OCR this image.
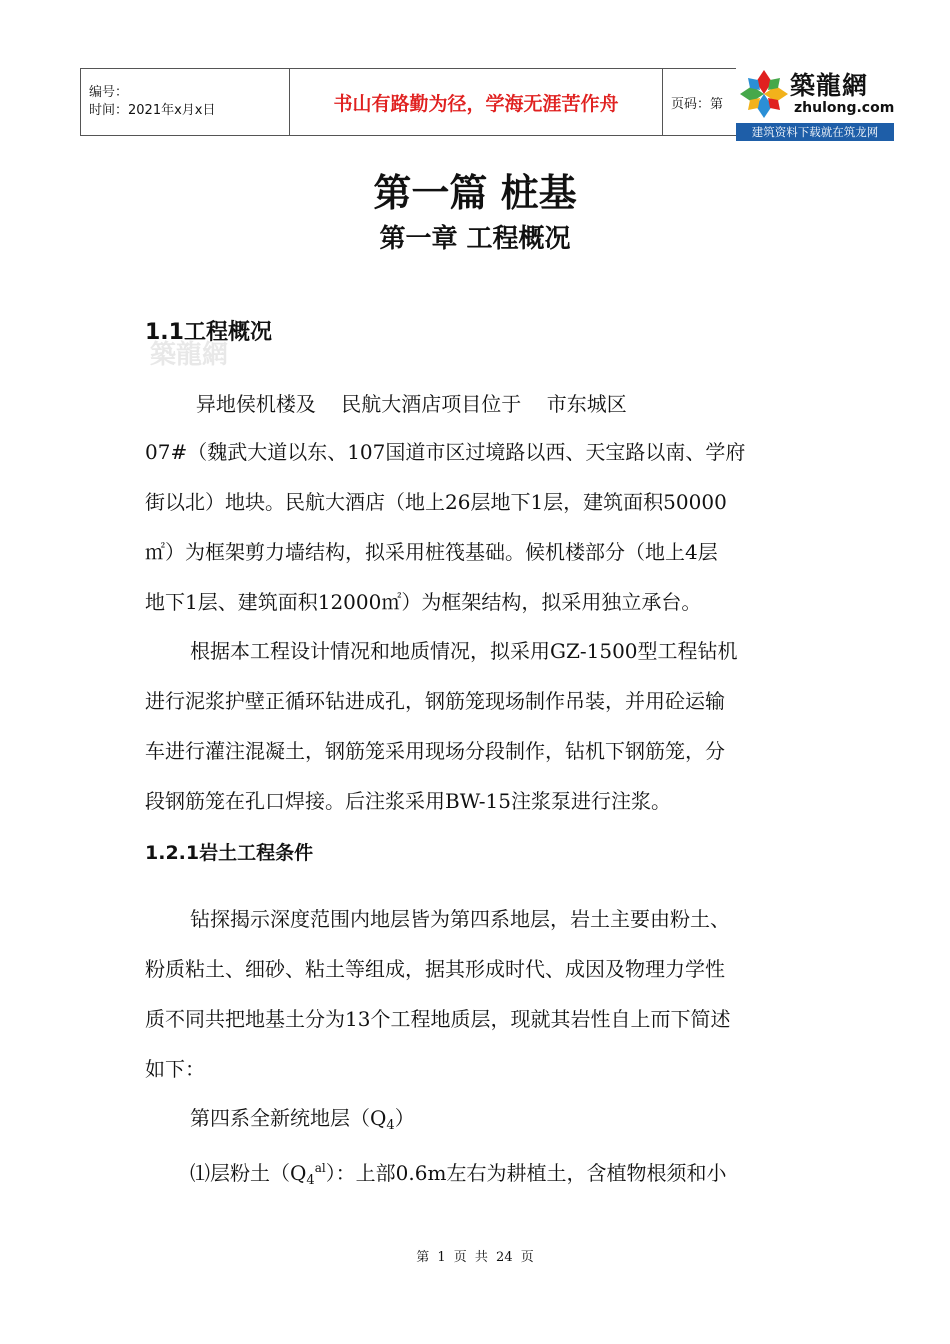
编号：
时间：2021年x月x日	书山有路勤为径，学海无涯苦作舟	页码：第
築龍網
zhulong.com
建筑资料下载就在筑龙网
第一篇 桩基
第一章 工程概况
築龍網
1.1工程概况
异地侯机楼及    民航大酒店项目位于    市东城区
07#（魏武大道以东、107国道市区过境路以西、天宝路以南、学府
街以北）地块。民航大酒店（地上26层地下1层，建筑面积50000
㎡）为框架剪力墙结构，拟采用桩筏基础。候机楼部分（地上4层
地下1层、建筑面积12000㎡）为框架结构，拟采用独立承台。
根据本工程设计情况和地质情况，拟采用GZ-1500型工程钻机
进行泥浆护壁正循环钻进成孔，钢筋笼现场制作吊装，并用砼运输
车进行灌注混凝土，钢筋笼采用现场分段制作，钻机下钢筋笼，分
段钢筋笼在孔口焊接。后注浆采用BW-15注浆泵进行注浆。
1.2.1岩土工程条件
钻探揭示深度范围内地层皆为第四系地层，岩土主要由粉土、
粉质粘土、细砂、粘土等组成，据其形成时代、成因及物理力学性
质不同共把地基土分为13个工程地质层，现就其岩性自上而下简述
如下：
第四系全新统地层$(Q_4)$
⑴层粉土$(Q_4^{al})$：上部0.6m左右为耕植土，含植物根须和小
第 1 页 共 24 页
